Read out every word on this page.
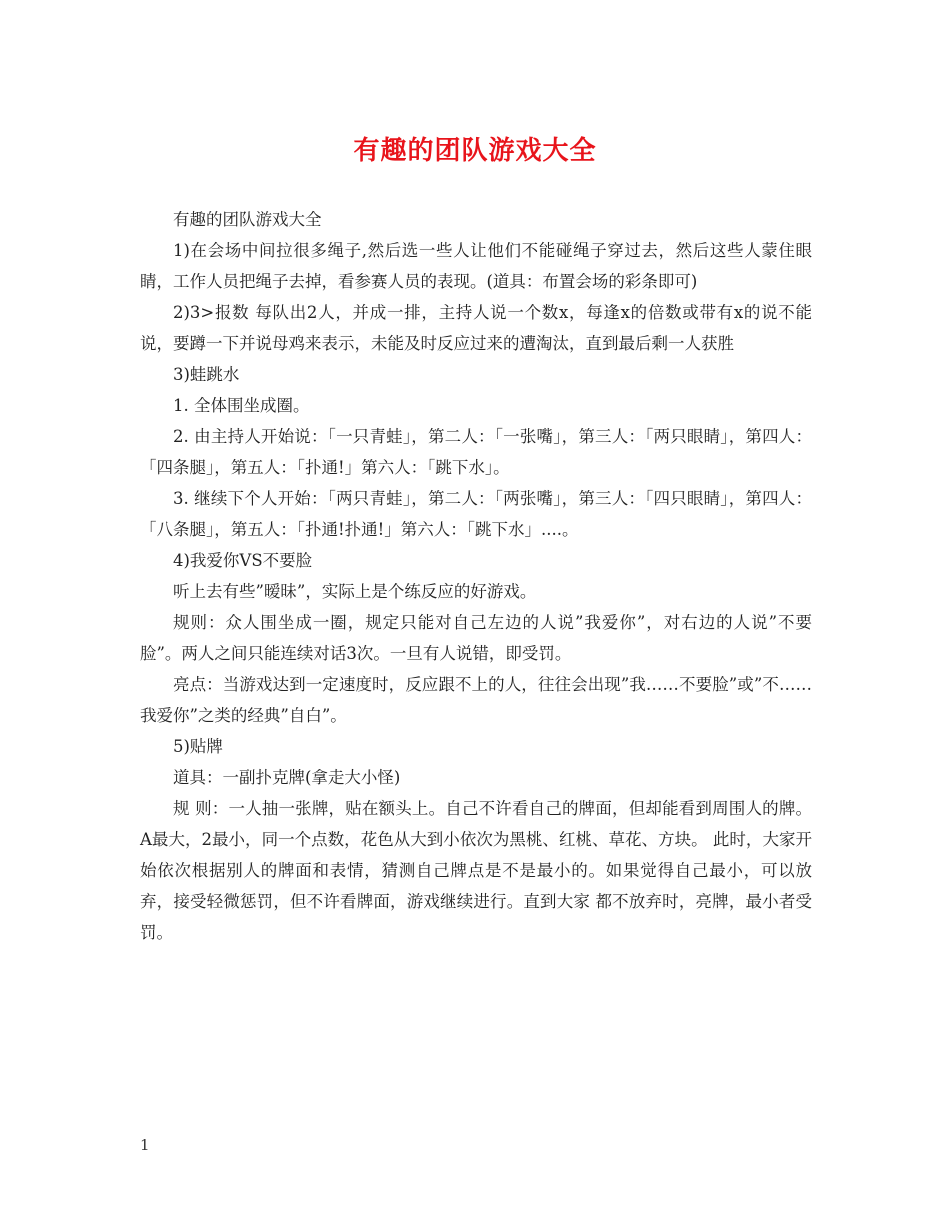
有趣的团队游戏大全

有趣的团队游戏大全

1)在会场中间拉很多绳子,然后选一些人让他们不能碰绳子穿过去，然后这些人蒙住眼睛，工作人员把绳子去掉，看参赛人员的表现。(道具：布置会场的彩条即可)

2)3>报数 每队出2人，并成一排，主持人说一个数x，每逢x的倍数或带有x的说不能说，要蹲一下并说母鸡来表示，未能及时反应过来的遭淘汰，直到最后剩一人获胜

3)蛙跳水

1. 全体围坐成圈。

2. 由主持人开始说：「一只青蛙」，第二人：「一张嘴」，第三人：「两只眼睛」，第四人：「四条腿」，第五人：「扑通!」第六人：「跳下水」。

3. 继续下个人开始：「两只青蛙」，第二人：「两张嘴」，第三人：「四只眼睛」，第四人：「八条腿」，第五人：「扑通!扑通!」第六人：「跳下水」....。

4)我爱你VS不要脸

听上去有些”暧昧”，实际上是个练反应的好游戏。

规则：众人围坐成一圈，规定只能对自己左边的人说”我爱你”，对右边的人说”不要脸”。两人之间只能连续对话3次。一旦有人说错，即受罚。

亮点：当游戏达到一定速度时，反应跟不上的人，往往会出现”我……不要脸”或”不……我爱你”之类的经典”自白”。

5)贴牌

道具：一副扑克牌(拿走大小怪)

规 则：一人抽一张牌，贴在额头上。自己不许看自己的牌面，但却能看到周围人的牌。A最大，2最小，同一个点数，花色从大到小依次为黑桃、红桃、草花、方块。 此时，大家开始依次根据别人的牌面和表情，猜测自己牌点是不是最小的。如果觉得自己最小，可以放弃，接受轻微惩罚，但不许看牌面，游戏继续进行。直到大家 都不放弃时，亮牌，最小者受罚。

1
